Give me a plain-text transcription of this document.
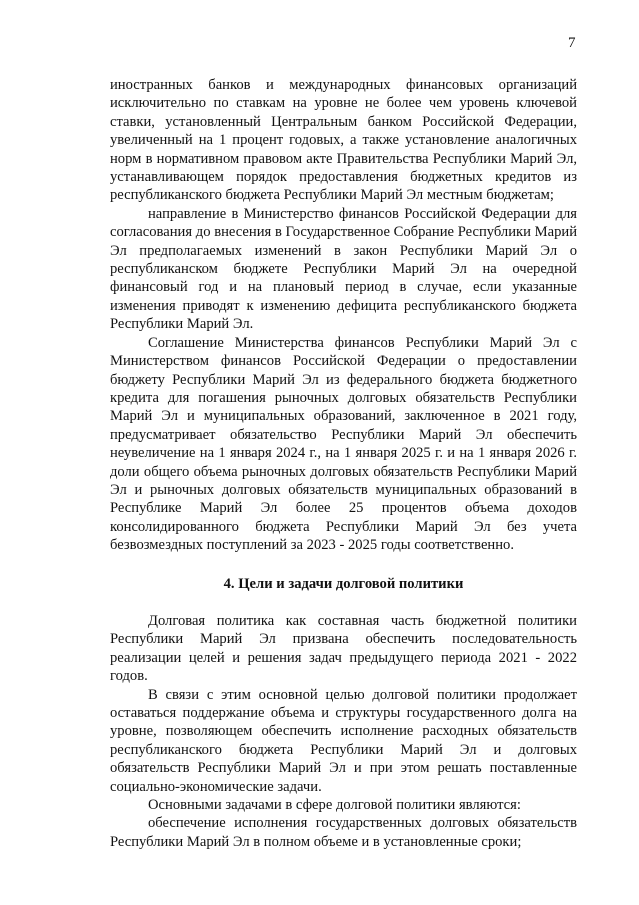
7

иностранных банков и международных финансовых организаций исключительно по ставкам на уровне не более чем уровень ключевой ставки, установленный Центральным банком Российской Федерации, увеличенный на 1 процент годовых, а также установление аналогичных норм в нормативном правовом акте Правительства Республики Марий Эл, устанавливающем порядок предоставления бюджетных кредитов из республиканского бюджета Республики Марий Эл местным бюджетам;

направление в Министерство финансов Российской Федерации для согласования до внесения в Государственное Собрание Республики Марий Эл предполагаемых изменений в закон Республики Марий Эл о республиканском бюджете Республики Марий Эл на очередной финансовый год и на плановый период в случае, если указанные изменения приводят к изменению дефицита республиканского бюджета Республики Марий Эл.

Соглашение Министерства финансов Республики Марий Эл с Министерством финансов Российской Федерации о предоставлении бюджету Республики Марий Эл из федерального бюджета бюджетного кредита для погашения рыночных долговых обязательств Республики Марий Эл и муниципальных образований, заключенное в 2021 году, предусматривает обязательство Республики Марий Эл обеспечить неувеличение на 1 января 2024 г., на 1 января 2025 г. и на 1 января 2026 г. доли общего объема рыночных долговых обязательств Республики Марий Эл и рыночных долговых обязательств муниципальных образований в Республике Марий Эл более 25 процентов объема доходов консолидированного бюджета Республики Марий Эл без учета безвозмездных поступлений за 2023 - 2025 годы соответственно.

4. Цели и задачи долговой политики

Долговая политика как составная часть бюджетной политики Республики Марий Эл призвана обеспечить последовательность реализации целей и решения задач предыдущего периода 2021 - 2022 годов.

В связи с этим основной целью долговой политики продолжает оставаться поддержание объема и структуры государственного долга на уровне, позволяющем обеспечить исполнение расходных обязательств республиканского бюджета Республики Марий Эл и долговых обязательств Республики Марий Эл и при этом решать поставленные социально-экономические задачи.

Основными задачами в сфере долговой политики являются:

обеспечение исполнения государственных долговых обязательств Республики Марий Эл в полном объеме и в установленные сроки;
